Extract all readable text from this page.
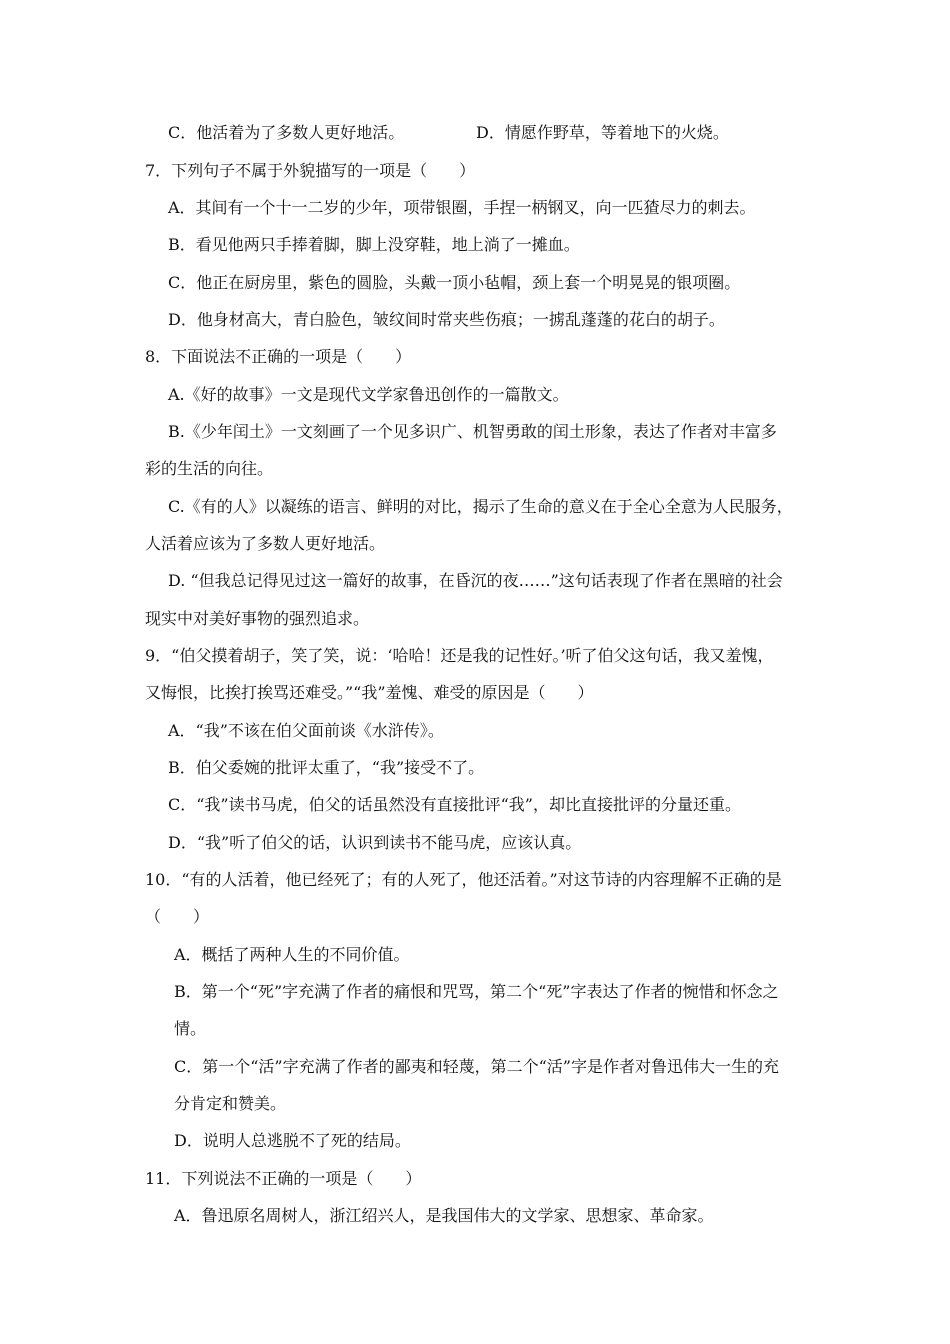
C．他活着为了多数人更好地活。	D．情愿作野草，等着地下的火烧。
7．下列句子不属于外貌描写的一项是（　　）
A．其间有一个十一二岁的少年，项带银圈，手捏一柄钢叉，向一匹猹尽力的刺去。
B．看见他两只手捧着脚，脚上没穿鞋，地上淌了一摊血。
C．他正在厨房里，紫色的圆脸，头戴一顶小毡帽，颈上套一个明晃晃的银项圈。
D．他身材高大，青白脸色，皱纹间时常夹些伤痕；一掳乱蓬蓬的花白的胡子。
8．下面说法不正确的一项是（　　）
A.《好的故事》一文是现代文学家鲁迅创作的一篇散文。
B.《少年闰土》一文刻画了一个见多识广、机智勇敢的闰土形象，表达了作者对丰富多
彩的生活的向往。
C.《有的人》以凝练的语言、鲜明的对比，揭示了生命的意义在于全心全意为人民服务，
人活着应该为了多数人更好地活。
D. “但我总记得见过这一篇好的故事，在昏沉的夜……”这句话表现了作者在黑暗的社会
现实中对美好事物的强烈追求。
9．“伯父摸着胡子，笑了笑，说：‘哈哈！还是我的记性好。’听了伯父这句话，我又羞愧，
又悔恨，比挨打挨骂还难受。”“我”羞愧、难受的原因是（　　）
A．“我”不该在伯父面前谈《水浒传》。
B．伯父委婉的批评太重了，“我”接受不了。
C．“我”读书马虎，伯父的话虽然没有直接批评“我”，却比直接批评的分量还重。
D．“我”听了伯父的话，认识到读书不能马虎，应该认真。
10．“有的人活着，他已经死了；有的人死了，他还活着。”对这节诗的内容理解不正确的是
（　　）
A．概括了两种人生的不同价值。
B．第一个“死”字充满了作者的痛恨和咒骂，第二个“死”字表达了作者的惋惜和怀念之
情。
C．第一个“活”字充满了作者的鄙夷和轻蔑，第二个“活”字是作者对鲁迅伟大一生的充
分肯定和赞美。
D．说明人总逃脱不了死的结局。
11．下列说法不正确的一项是（　　）
A．鲁迅原名周树人，浙江绍兴人，是我国伟大的文学家、思想家、革命家。
